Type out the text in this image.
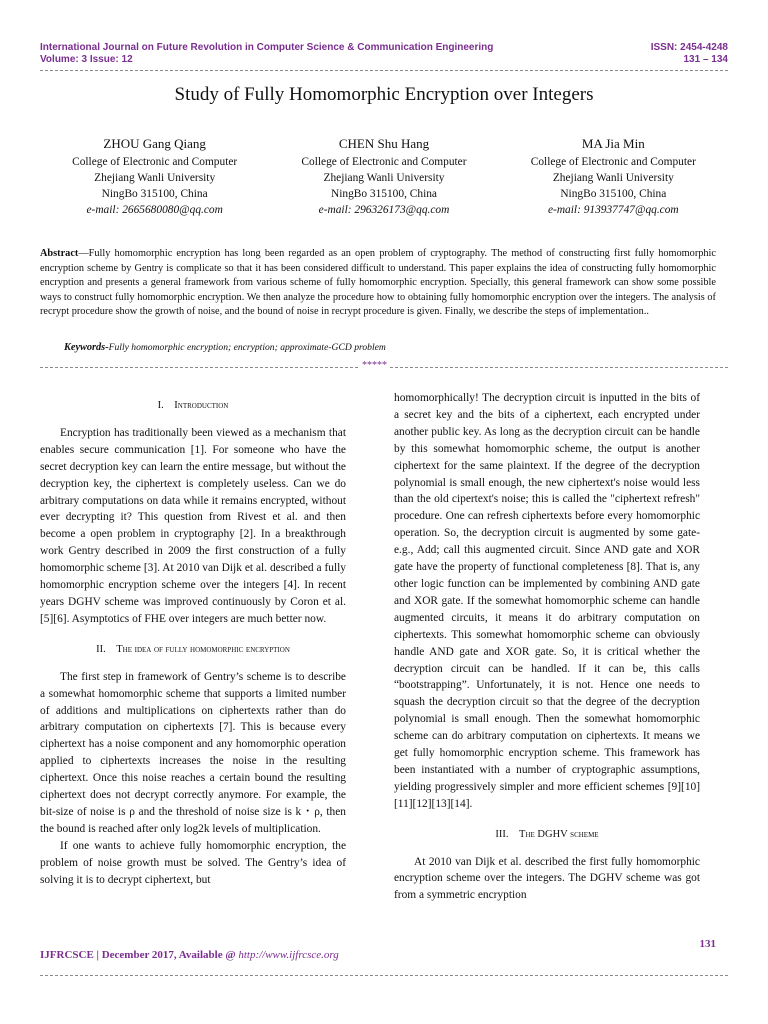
International Journal on Future Revolution in Computer Science & Communication Engineering
Volume: 3 Issue: 12
ISSN: 2454-4248
131 – 134
Study of Fully Homomorphic Encryption over Integers
ZHOU Gang Qiang
College of Electronic and Computer
Zhejiang Wanli University
NingBo 315100, China
e-mail: 2665680080@qq.com
CHEN Shu Hang
College of Electronic and Computer
Zhejiang Wanli University
NingBo 315100, China
e-mail: 296326173@qq.com
MA Jia Min
College of Electronic and Computer
Zhejiang Wanli University
NingBo 315100, China
e-mail: 913937747@qq.com
Abstract—Fully homomorphic encryption has long been regarded as an open problem of cryptography. The method of constructing first fully homomorphic encryption scheme by Gentry is complicate so that it has been considered difficult to understand. This paper explains the idea of constructing fully homomorphic encryption and presents a general framework from various scheme of fully homomorphic encryption. Specially, this general framework can show some possible ways to construct fully homomorphic encryption. We then analyze the procedure how to obtaining fully homomorphic encryption over the integers. The analysis of recrypt procedure show the growth of noise, and the bound of noise in recrypt procedure is given. Finally, we describe the steps of implementation..
Keywords-Fully homomorphic encryption; encryption; approximate-GCD problem
*****
I. Introduction

Encryption has traditionally been viewed as a mechanism that enables secure communication [1]. For someone who have the secret decryption key can learn the entire message, but without the decryption key, the ciphertext is completely useless. Can we do arbitrary computations on data while it remains encrypted, without ever decrypting it? This question from Rivest et al. and then become a open problem in cryptography [2]. In a breakthrough work Gentry described in 2009 the first construction of a fully homomorphic scheme [3]. At 2010 van Dijk et al. described a fully homomorphic encryption scheme over the integers [4]. In recent years DGHV scheme was improved continuously by Coron et al. [5][6]. Asymptotics of FHE over integers are much better now.

II. The idea of fully homomorphic encryption

The first step in framework of Gentry’s scheme is to describe a somewhat homomorphic scheme that supports a limited number of additions and multiplications on ciphertexts rather than do arbitrary computation on ciphertexts [7]. This is because every ciphertext has a noise component and any homomorphic operation applied to ciphertexts increases the noise in the resulting ciphertext. Once this noise reaches a certain bound the resulting ciphertext does not decrypt correctly anymore. For example, the bit-size of noise is ρ and the threshold of noise size is k・ρ, then the bound is reached after only log2k levels of multiplication.

If one wants to achieve fully homomorphic encryption, the problem of noise growth must be solved. The Gentry’s idea of solving it is to decrypt ciphertext, but

homomorphically! The decryption circuit is inputted in the bits of a secret key and the bits of a ciphertext, each encrypted under another public key. As long as the decryption circuit can be handle by this somewhat homomorphic scheme, the output is another ciphertext for the same plaintext. If the degree of the decryption polynomial is small enough, the new ciphertext's noise would less than the old cipertext's noise; this is called the "ciphertext refresh" procedure. One can refresh ciphertexts before every homomorphic operation. So, the decryption circuit is augmented by some gate- e.g., Add; call this augmented circuit. Since AND gate and XOR gate have the property of functional completeness [8]. That is, any other logic function can be implemented by combining AND gate and XOR gate. If the somewhat homomorphic scheme can handle augmented circuits, it means it do arbitrary computation on ciphertexts. This somewhat homomorphic scheme can obviously handle AND gate and XOR gate. So, it is critical whether the decryption circuit can be handled. If it can be, this calls “bootstrapping”. Unfortunately, it is not. Hence one needs to squash the decryption circuit so that the degree of the decryption polynomial is small enough. Then the somewhat homomorphic scheme can do arbitrary computation on ciphertexts. It means we get fully homomorphic encryption scheme. This framework has been instantiated with a number of cryptographic assumptions, yielding progressively simpler and more efficient schemes [9][10][11][12][13][14].

III. The DGHV scheme

At 2010 van Dijk et al. described the first fully homomorphic encryption scheme over the integers. The DGHV scheme was got from a symmetric encryption

131
IJFRCSCE | December 2017, Available @ http://www.ijfrcsce.org
